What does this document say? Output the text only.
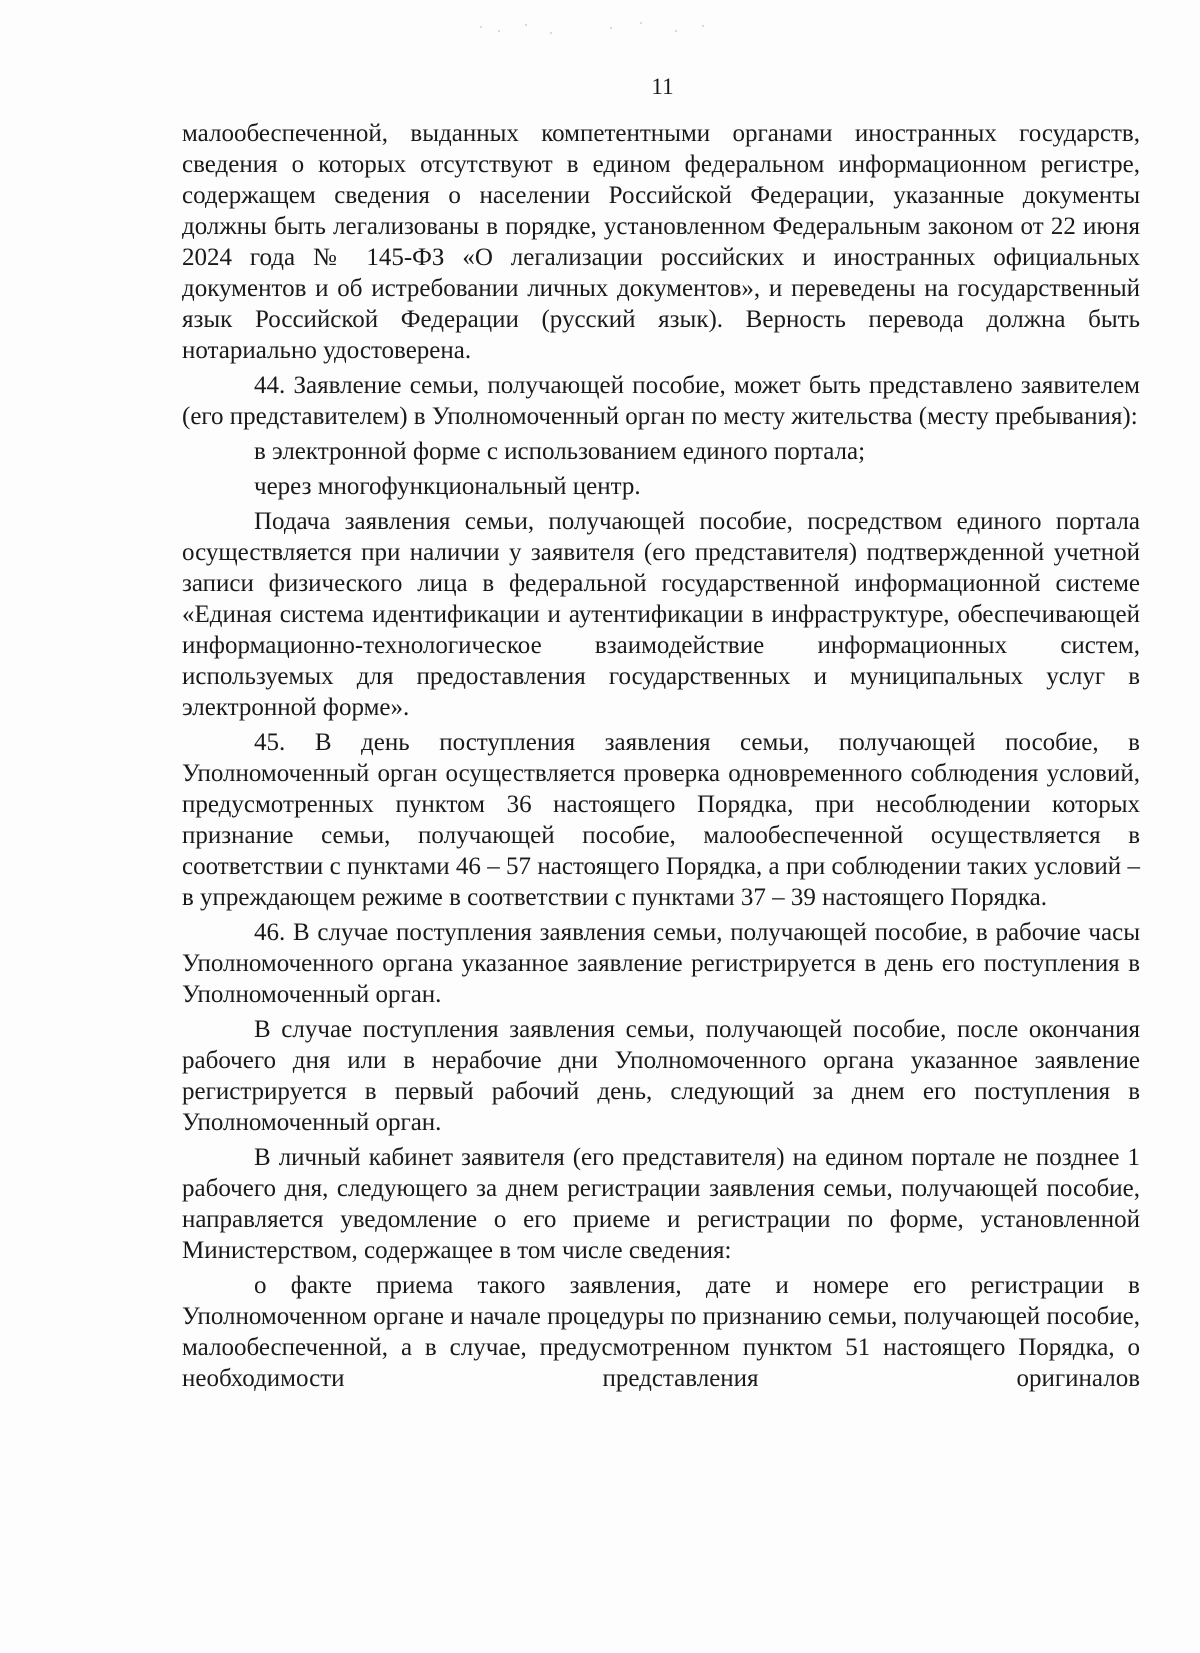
11

малообеспеченной, выданных компетентными органами иностранных государств, сведения о которых отсутствуют в едином федеральном информационном регистре, содержащем сведения о населении Российской Федерации, указанные документы должны быть легализованы в порядке, установленном Федеральным законом от 22 июня 2024 года № 145-ФЗ «О легализации российских и иностранных официальных документов и об истребовании личных документов», и переведены на государственный язык Российской Федерации (русский язык). Верность перевода должна быть нотариально удостоверена.

44. Заявление семьи, получающей пособие, может быть представлено заявителем (его представителем) в Уполномоченный орган по месту жительства (месту пребывания):

в электронной форме с использованием единого портала;

через многофункциональный центр.

Подача заявления семьи, получающей пособие, посредством единого портала осуществляется при наличии у заявителя (его представителя) подтвержденной учетной записи физического лица в федеральной государственной информационной системе «Единая система идентификации и аутентификации в инфраструктуре, обеспечивающей информационно-технологическое взаимодействие информационных систем, используемых для предоставления государственных и муниципальных услуг в электронной форме».

45. В день поступления заявления семьи, получающей пособие, в Уполномоченный орган осуществляется проверка одновременного соблюдения условий, предусмотренных пунктом 36 настоящего Порядка, при несоблюдении которых признание семьи, получающей пособие, малообеспеченной осуществляется в соответствии с пунктами 46 – 57 настоящего Порядка, а при соблюдении таких условий – в упреждающем режиме в соответствии с пунктами 37 – 39 настоящего Порядка.

46. В случае поступления заявления семьи, получающей пособие, в рабочие часы Уполномоченного органа указанное заявление регистрируется в день его поступления в Уполномоченный орган.

В случае поступления заявления семьи, получающей пособие, после окончания рабочего дня или в нерабочие дни Уполномоченного органа указанное заявление регистрируется в первый рабочий день, следующий за днем его поступления в Уполномоченный орган.

В личный кабинет заявителя (его представителя) на едином портале не позднее 1 рабочего дня, следующего за днем регистрации заявления семьи, получающей пособие, направляется уведомление о его приеме и регистрации по форме, установленной Министерством, содержащее в том числе сведения:

о факте приема такого заявления, дате и номере его регистрации в Уполномоченном органе и начале процедуры по признанию семьи, получающей пособие, малообеспеченной, а в случае, предусмотренном пунктом 51 настоящего Порядка, о необходимости представления оригиналов
